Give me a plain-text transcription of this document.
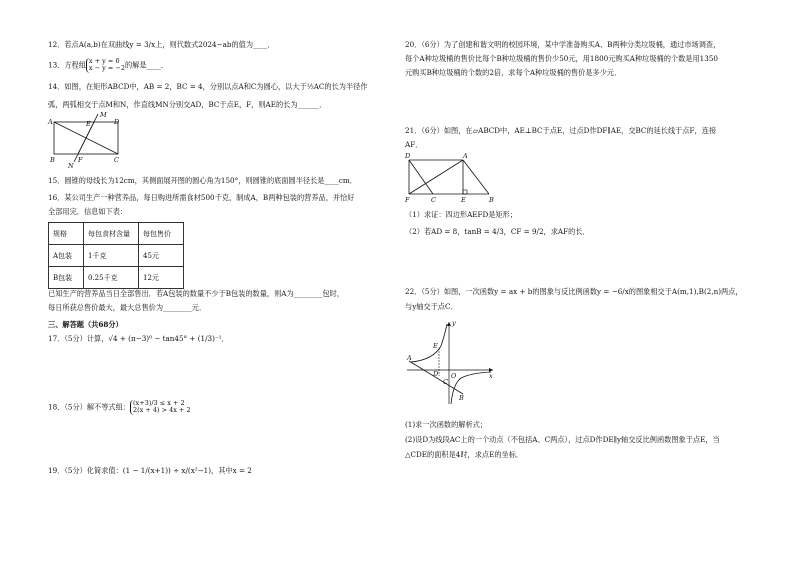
12．若点A(a,b)在双曲线y = 3/x上，则代数式2024−ab的值为____．
13．方程组 x + y = 6
x − y = −2的解是____．
14．如图，在矩形ABCD中，AB = 2，BC = 4，分别以点A和C为圆心，以大于½AC的长为半径作
弧，两弧相交于点M和N，作直线MN分别交AD，BC于点E，F，则AE的长为______．
A	E
M
D
B	F	C
N
15．圆锥的母线长为12cm，其侧面展开图的圆心角为150°，则圆锥的底面圆半径长是____cm．
16．某公司生产一种营养品，每日购进所需食材500千克，制成A，B两种包装的营养品，并恰好
全部用完．信息如下表：
规格	每包食材含量	每包售价
A包装	1千克	45元
B包装	0.25千克	12元
已知生产的营养品当日全部售出．若A包装的数量不少于B包装的数量，则A为________包时，
每日所获总售价最大，最大总售价为________元．
三、解答题（共68分）
17．（5分）计算，√4 + (π−3)⁰ − tan45° + (1/3)⁻¹．
18．（5分）解不等式组： (x+3)/3 ≤ x + 2
2(x + 4) > 4x + 2
19．（5分）化简求值：(1 − 1/(x+1)) ÷ x/(x²−1)，其中x = 2
20．（6分）为了创建和谐文明的校园环境，某中学准备购买A、B两种分类垃圾桶，通过市场调查，
每个A种垃圾桶的售价比每个B种垃圾桶的售价少50元，用1800元购买A种垃圾桶的个数是用1350
元购买B种垃圾桶的个数的2倍，求每个A种垃圾桶的售价是多少元．
21．（6分）如图，在▱ABCD中，AE⊥BC于点E，过点D作DF∥AE，交BC的延长线于点F，连接
AF．
D	A
F	C	E	B
（1）求证：四边形AEFD是矩形；
（2）若AD = 8，tanB = 4/3，CF = 9/2，求AF的长．
22．（5分）如图，一次函数y = ax + b的图象与反比例函数y = −6/x的图象相交于A(m,1),B(2,n)两点，
与y轴交于点C．
y
A
E
D O	x
C
B
(1)求一次函数的解析式；
(2)设D为线段AC上的一个动点（不包括A、C两点），过点D作DE∥y轴交反比例函数图象于点E，当
△CDE的面积是4时，求点E的坐标．
